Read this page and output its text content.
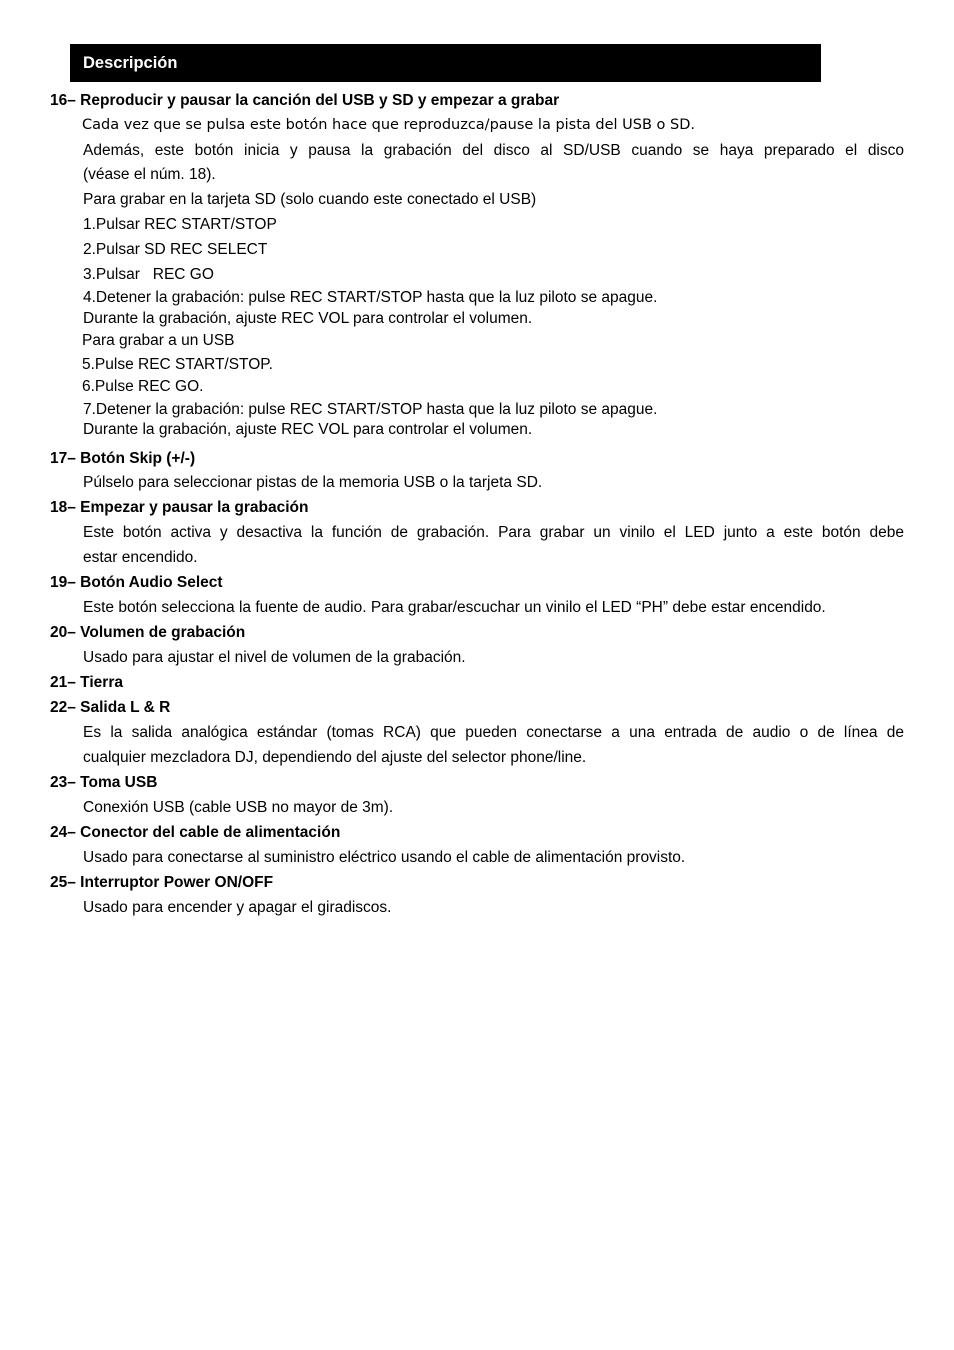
Descripción
16– Reproducir y pausar la canción del USB y SD y empezar a grabar
Cada vez que se pulsa este botón hace que reproduzca/pause la pista del USB o SD.
Además, este botón inicia y pausa la grabación del disco al SD/USB cuando se haya preparado el disco
(véase el núm. 18).
Para grabar en la tarjeta SD (solo cuando este conectado el USB)
1.Pulsar REC START/STOP
2.Pulsar SD REC SELECT
3.Pulsar   REC GO
4.Detener la grabación: pulse REC START/STOP hasta que la luz piloto se apague.
Durante la grabación, ajuste REC VOL para controlar el volumen.
Para grabar a un USB
5.Pulse REC START/STOP.
6.Pulse REC GO.
7.Detener la grabación: pulse REC START/STOP hasta que la luz piloto se apague.
Durante la grabación, ajuste REC VOL para controlar el volumen.
17– Botón Skip (+/-)
Púlselo para seleccionar pistas de la memoria USB o la tarjeta SD.
18– Empezar y pausar la grabación
Este botón activa y desactiva la función de grabación. Para grabar un vinilo el LED junto a este botón debe
estar encendido.
19– Botón Audio Select
Este botón selecciona la fuente de audio. Para grabar/escuchar un vinilo el LED “PH” debe estar encendido.
20– Volumen de grabación
Usado para ajustar el nivel de volumen de la grabación.
21– Tierra
22– Salida L & R
Es la salida analógica estándar (tomas RCA) que pueden conectarse a una entrada de audio o de línea de
cualquier mezcladora DJ, dependiendo del ajuste del selector phone/line.
23– Toma USB
Conexión USB (cable USB no mayor de 3m).
24– Conector del cable de alimentación
Usado para conectarse al suministro eléctrico usando el cable de alimentación provisto.
25– Interruptor Power ON/OFF
Usado para encender y apagar el giradiscos.
